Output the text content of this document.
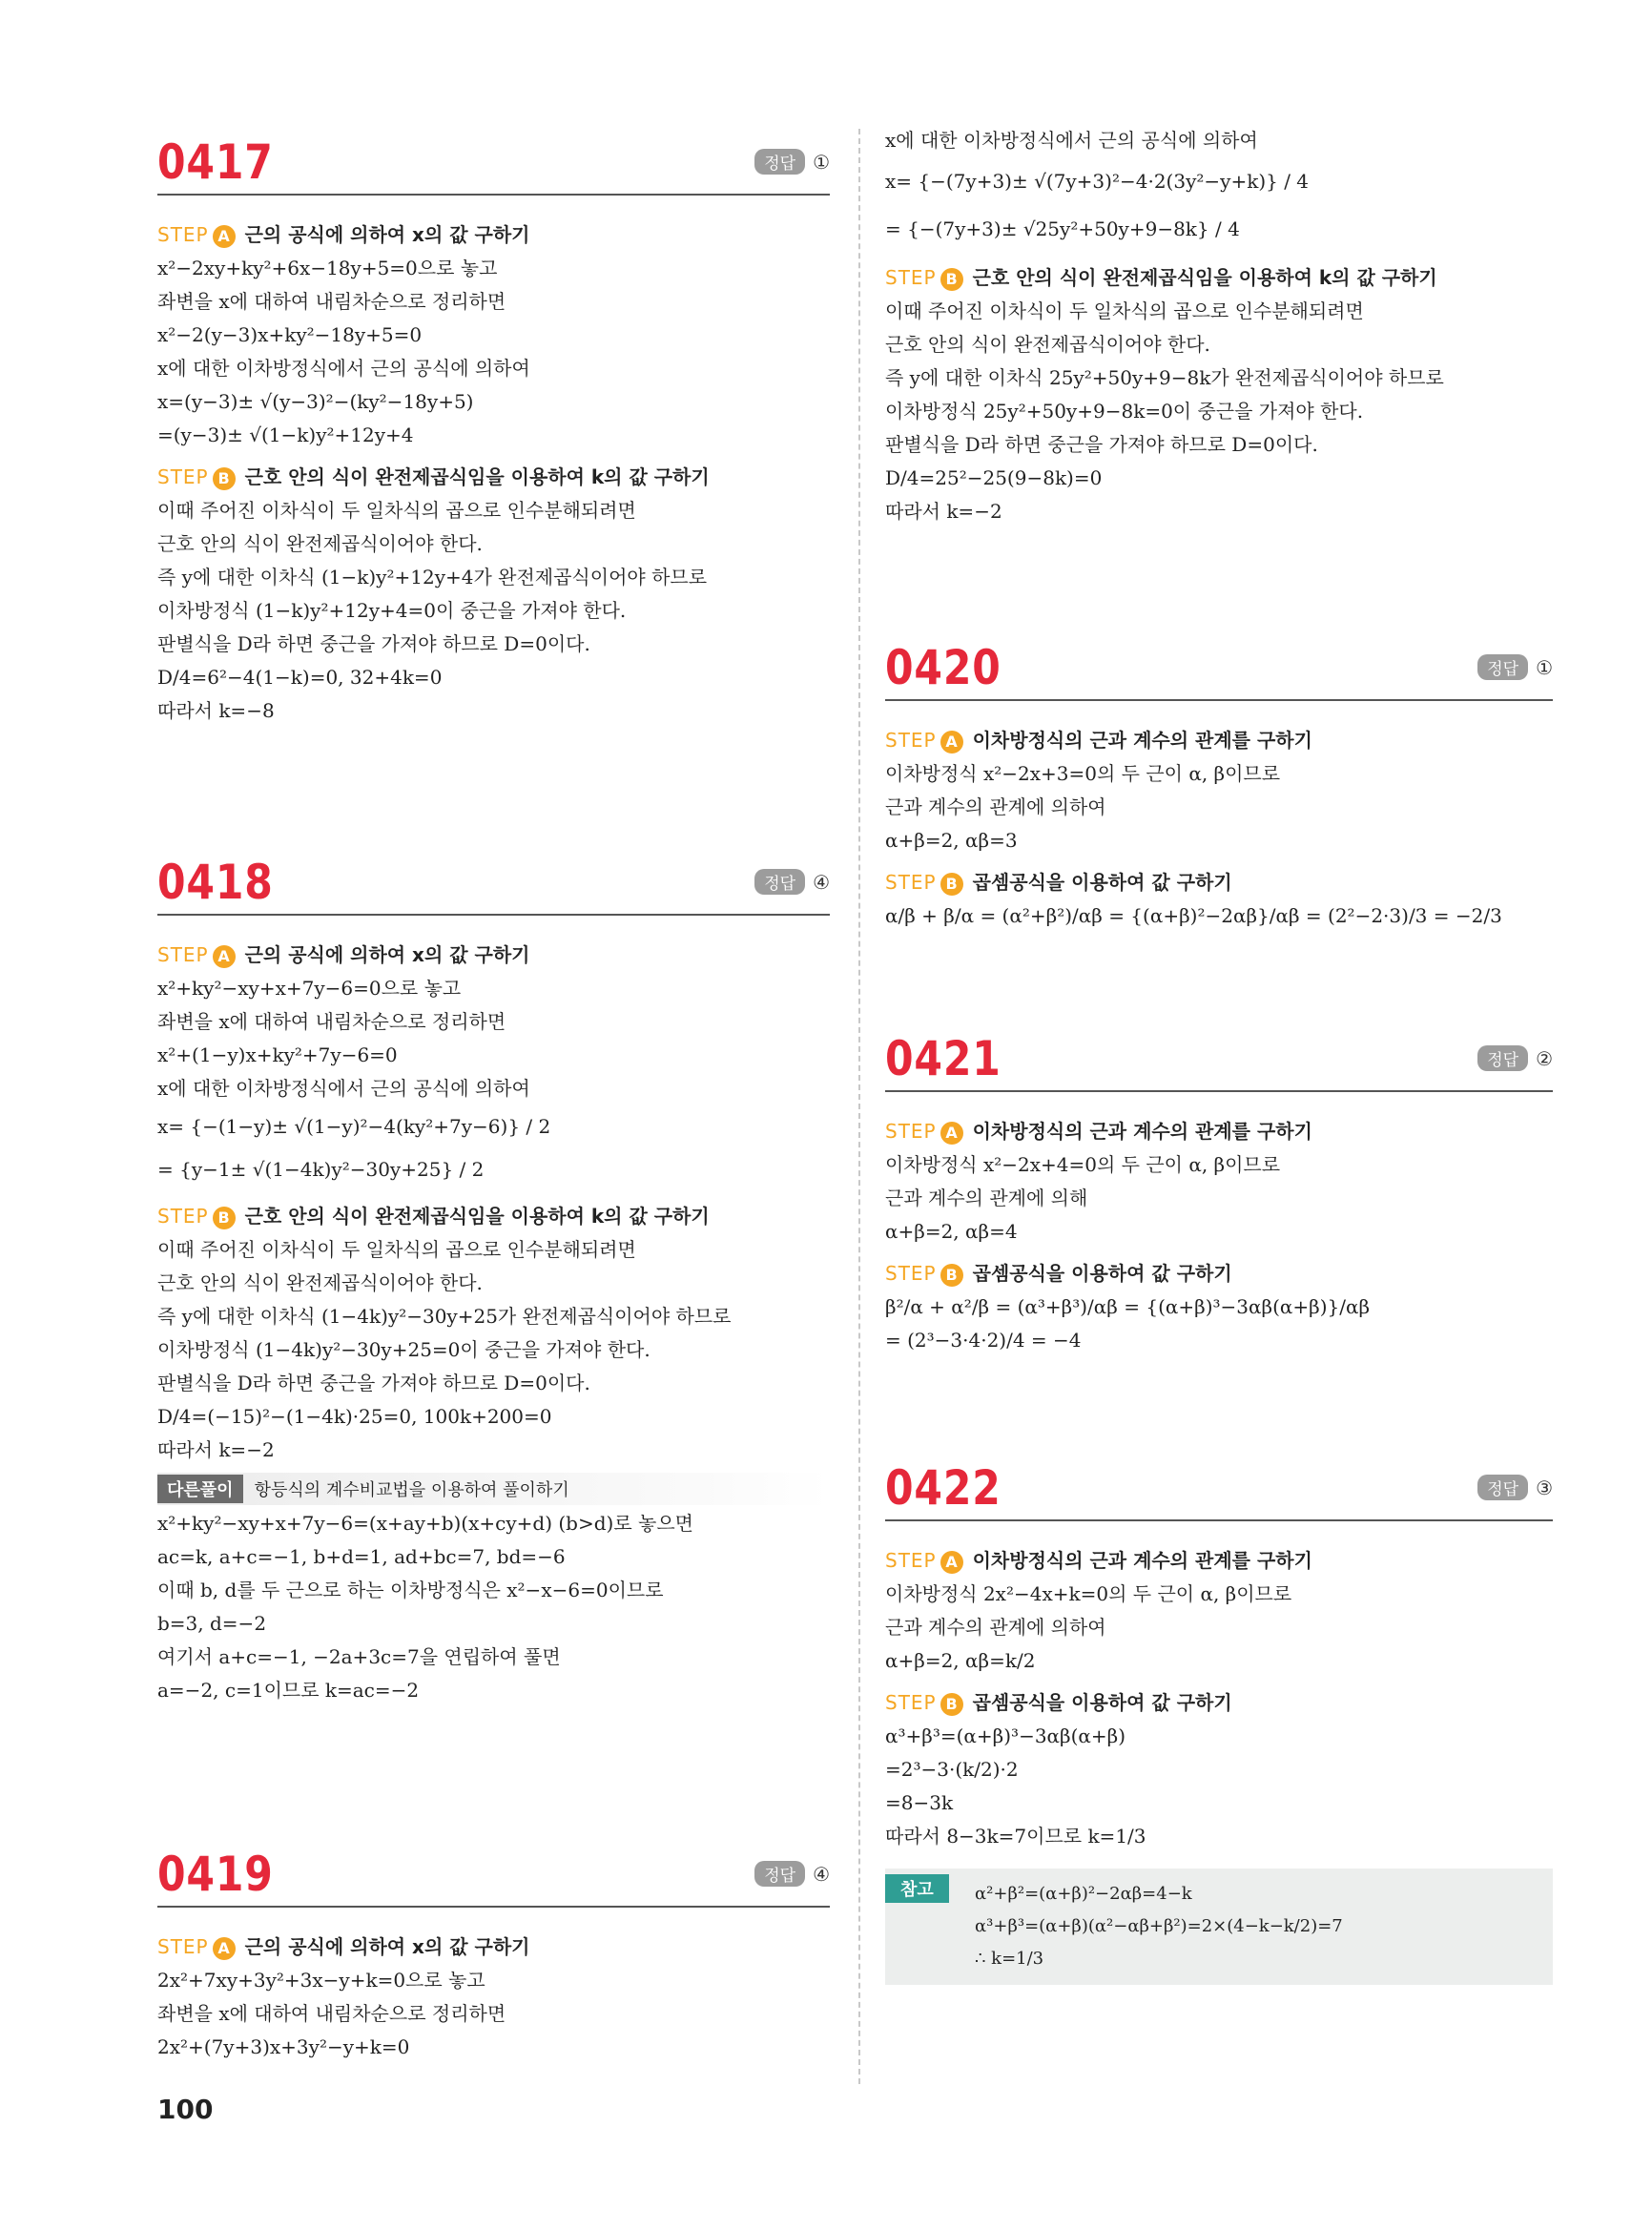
0417	정답 ①
STEP A 근의 공식에 의하여 x의 값 구하기
x²−2xy+ky²+6x−18y+5=0으로 놓고
좌변을 x에 대하여 내림차순으로 정리하면
x²−2(y−3)x+ky²−18y+5=0
x에 대한 이차방정식에서 근의 공식에 의하여
x=(y−3)± √(y−3)²−(ky²−18y+5)
=(y−3)± √(1−k)y²+12y+4
STEP B 근호 안의 식이 완전제곱식임을 이용하여 k의 값 구하기
이때 주어진 이차식이 두 일차식의 곱으로 인수분해되려면
근호 안의 식이 완전제곱식이어야 한다.
즉 y에 대한 이차식 (1−k)y²+12y+4가 완전제곱식이어야 하므로
이차방정식 (1−k)y²+12y+4=0이 중근을 가져야 한다.
판별식을 D라 하면 중근을 가져야 하므로 D=0이다.
D/4=6²−4(1−k)=0, 32+4k=0
따라서 k=−8
0418	정답 ④
STEP A 근의 공식에 의하여 x의 값 구하기
x²+ky²−xy+x+7y−6=0으로 놓고
좌변을 x에 대하여 내림차순으로 정리하면
x²+(1−y)x+ky²+7y−6=0
x에 대한 이차방정식에서 근의 공식에 의하여
x= {−(1−y)± √(1−y)²−4(ky²+7y−6)} / 2
= {y−1± √(1−4k)y²−30y+25} / 2
STEP B 근호 안의 식이 완전제곱식임을 이용하여 k의 값 구하기
이때 주어진 이차식이 두 일차식의 곱으로 인수분해되려면
근호 안의 식이 완전제곱식이어야 한다.
즉 y에 대한 이차식 (1−4k)y²−30y+25가 완전제곱식이어야 하므로
이차방정식 (1−4k)y²−30y+25=0이 중근을 가져야 한다.
판별식을 D라 하면 중근을 가져야 하므로 D=0이다.
D/4=(−15)²−(1−4k)·25=0, 100k+200=0
따라서 k=−2
다른풀이 항등식의 계수비교법을 이용하여 풀이하기
x²+ky²−xy+x+7y−6=(x+ay+b)(x+cy+d) (b>d)로 놓으면
ac=k, a+c=−1, b+d=1, ad+bc=7, bd=−6
이때 b, d를 두 근으로 하는 이차방정식은 x²−x−6=0이므로
b=3, d=−2
여기서 a+c=−1, −2a+3c=7을 연립하여 풀면
a=−2, c=1이므로 k=ac=−2
0419	정답 ④
STEP A 근의 공식에 의하여 x의 값 구하기
2x²+7xy+3y²+3x−y+k=0으로 놓고
좌변을 x에 대하여 내림차순으로 정리하면
2x²+(7y+3)x+3y²−y+k=0
x에 대한 이차방정식에서 근의 공식에 의하여
x= {−(7y+3)± √(7y+3)²−4·2(3y²−y+k)} / 4
= {−(7y+3)± √25y²+50y+9−8k} / 4
STEP B 근호 안의 식이 완전제곱식임을 이용하여 k의 값 구하기
이때 주어진 이차식이 두 일차식의 곱으로 인수분해되려면
근호 안의 식이 완전제곱식이어야 한다.
즉 y에 대한 이차식 25y²+50y+9−8k가 완전제곱식이어야 하므로
이차방정식 25y²+50y+9−8k=0이 중근을 가져야 한다.
판별식을 D라 하면 중근을 가져야 하므로 D=0이다.
D/4=25²−25(9−8k)=0
따라서 k=−2
0420	정답 ①
STEP A 이차방정식의 근과 계수의 관계를 구하기
이차방정식 x²−2x+3=0의 두 근이 α, β이므로
근과 계수의 관계에 의하여
α+β=2, αβ=3
STEP B 곱셈공식을 이용하여 값 구하기
α/β + β/α = (α²+β²)/αβ = {(α+β)²−2αβ}/αβ = (2²−2·3)/3 = −2/3
0421	정답 ②
STEP A 이차방정식의 근과 계수의 관계를 구하기
이차방정식 x²−2x+4=0의 두 근이 α, β이므로
근과 계수의 관계에 의해
α+β=2, αβ=4
STEP B 곱셈공식을 이용하여 값 구하기
β²/α + α²/β = (α³+β³)/αβ = {(α+β)³−3αβ(α+β)}/αβ
= (2³−3·4·2)/4 = −4
0422	정답 ③
STEP A 이차방정식의 근과 계수의 관계를 구하기
이차방정식 2x²−4x+k=0의 두 근이 α, β이므로
근과 계수의 관계에 의하여
α+β=2, αβ=k/2
STEP B 곱셈공식을 이용하여 값 구하기
α³+β³=(α+β)³−3αβ(α+β)
=2³−3·(k/2)·2
=8−3k
따라서 8−3k=7이므로 k=1/3
참고	α²+β²=(α+β)²−2αβ=4−k
α³+β³=(α+β)(α²−αβ+β²)=2×(4−k−k/2)=7
∴ k=1/3
100
